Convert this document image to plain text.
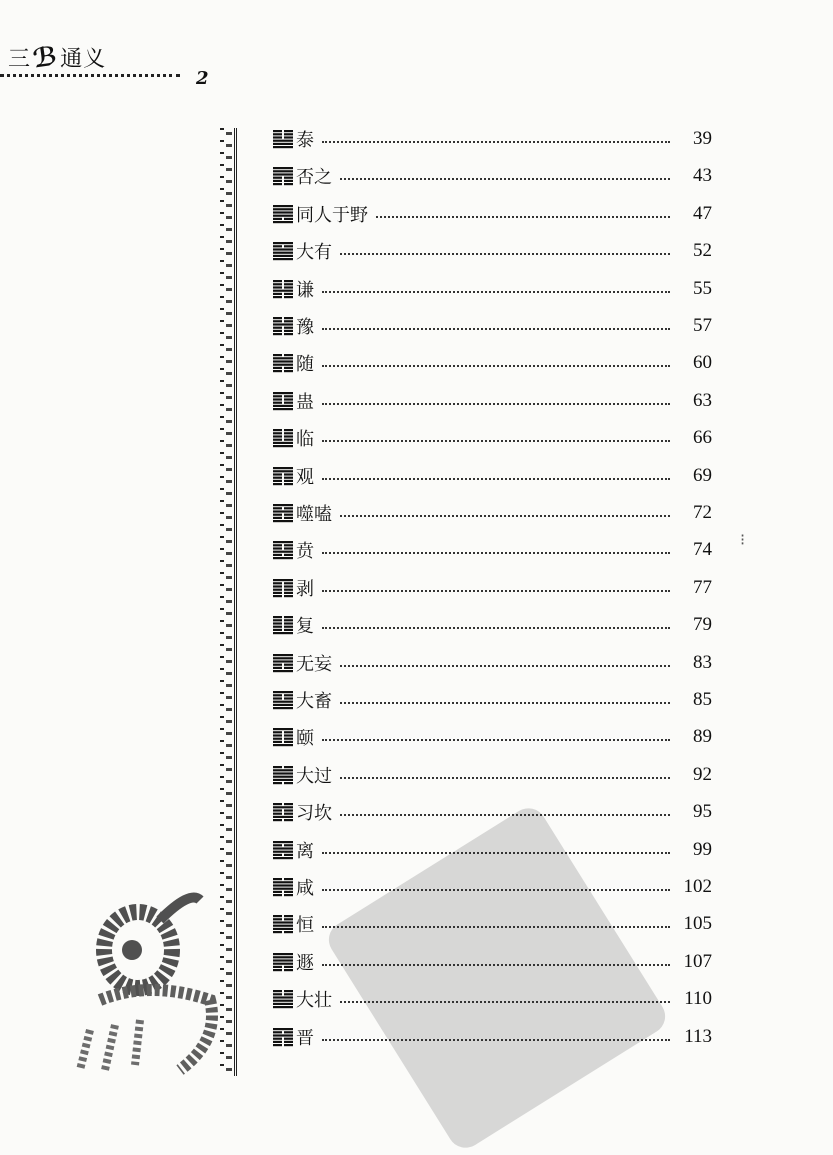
三ℬ通义
2
⁝
泰	39
否之	43
同人于野	47
大有	52
谦	55
豫	57
随	60
蛊	63
临	66
观	69
噬嗑	72
贲	74
剥	77
复	79
无妄	83
大畜	85
颐	89
大过	92
习坎	95
离	99
咸	102
恒	105
遯	107
大壮	110
晋	113
